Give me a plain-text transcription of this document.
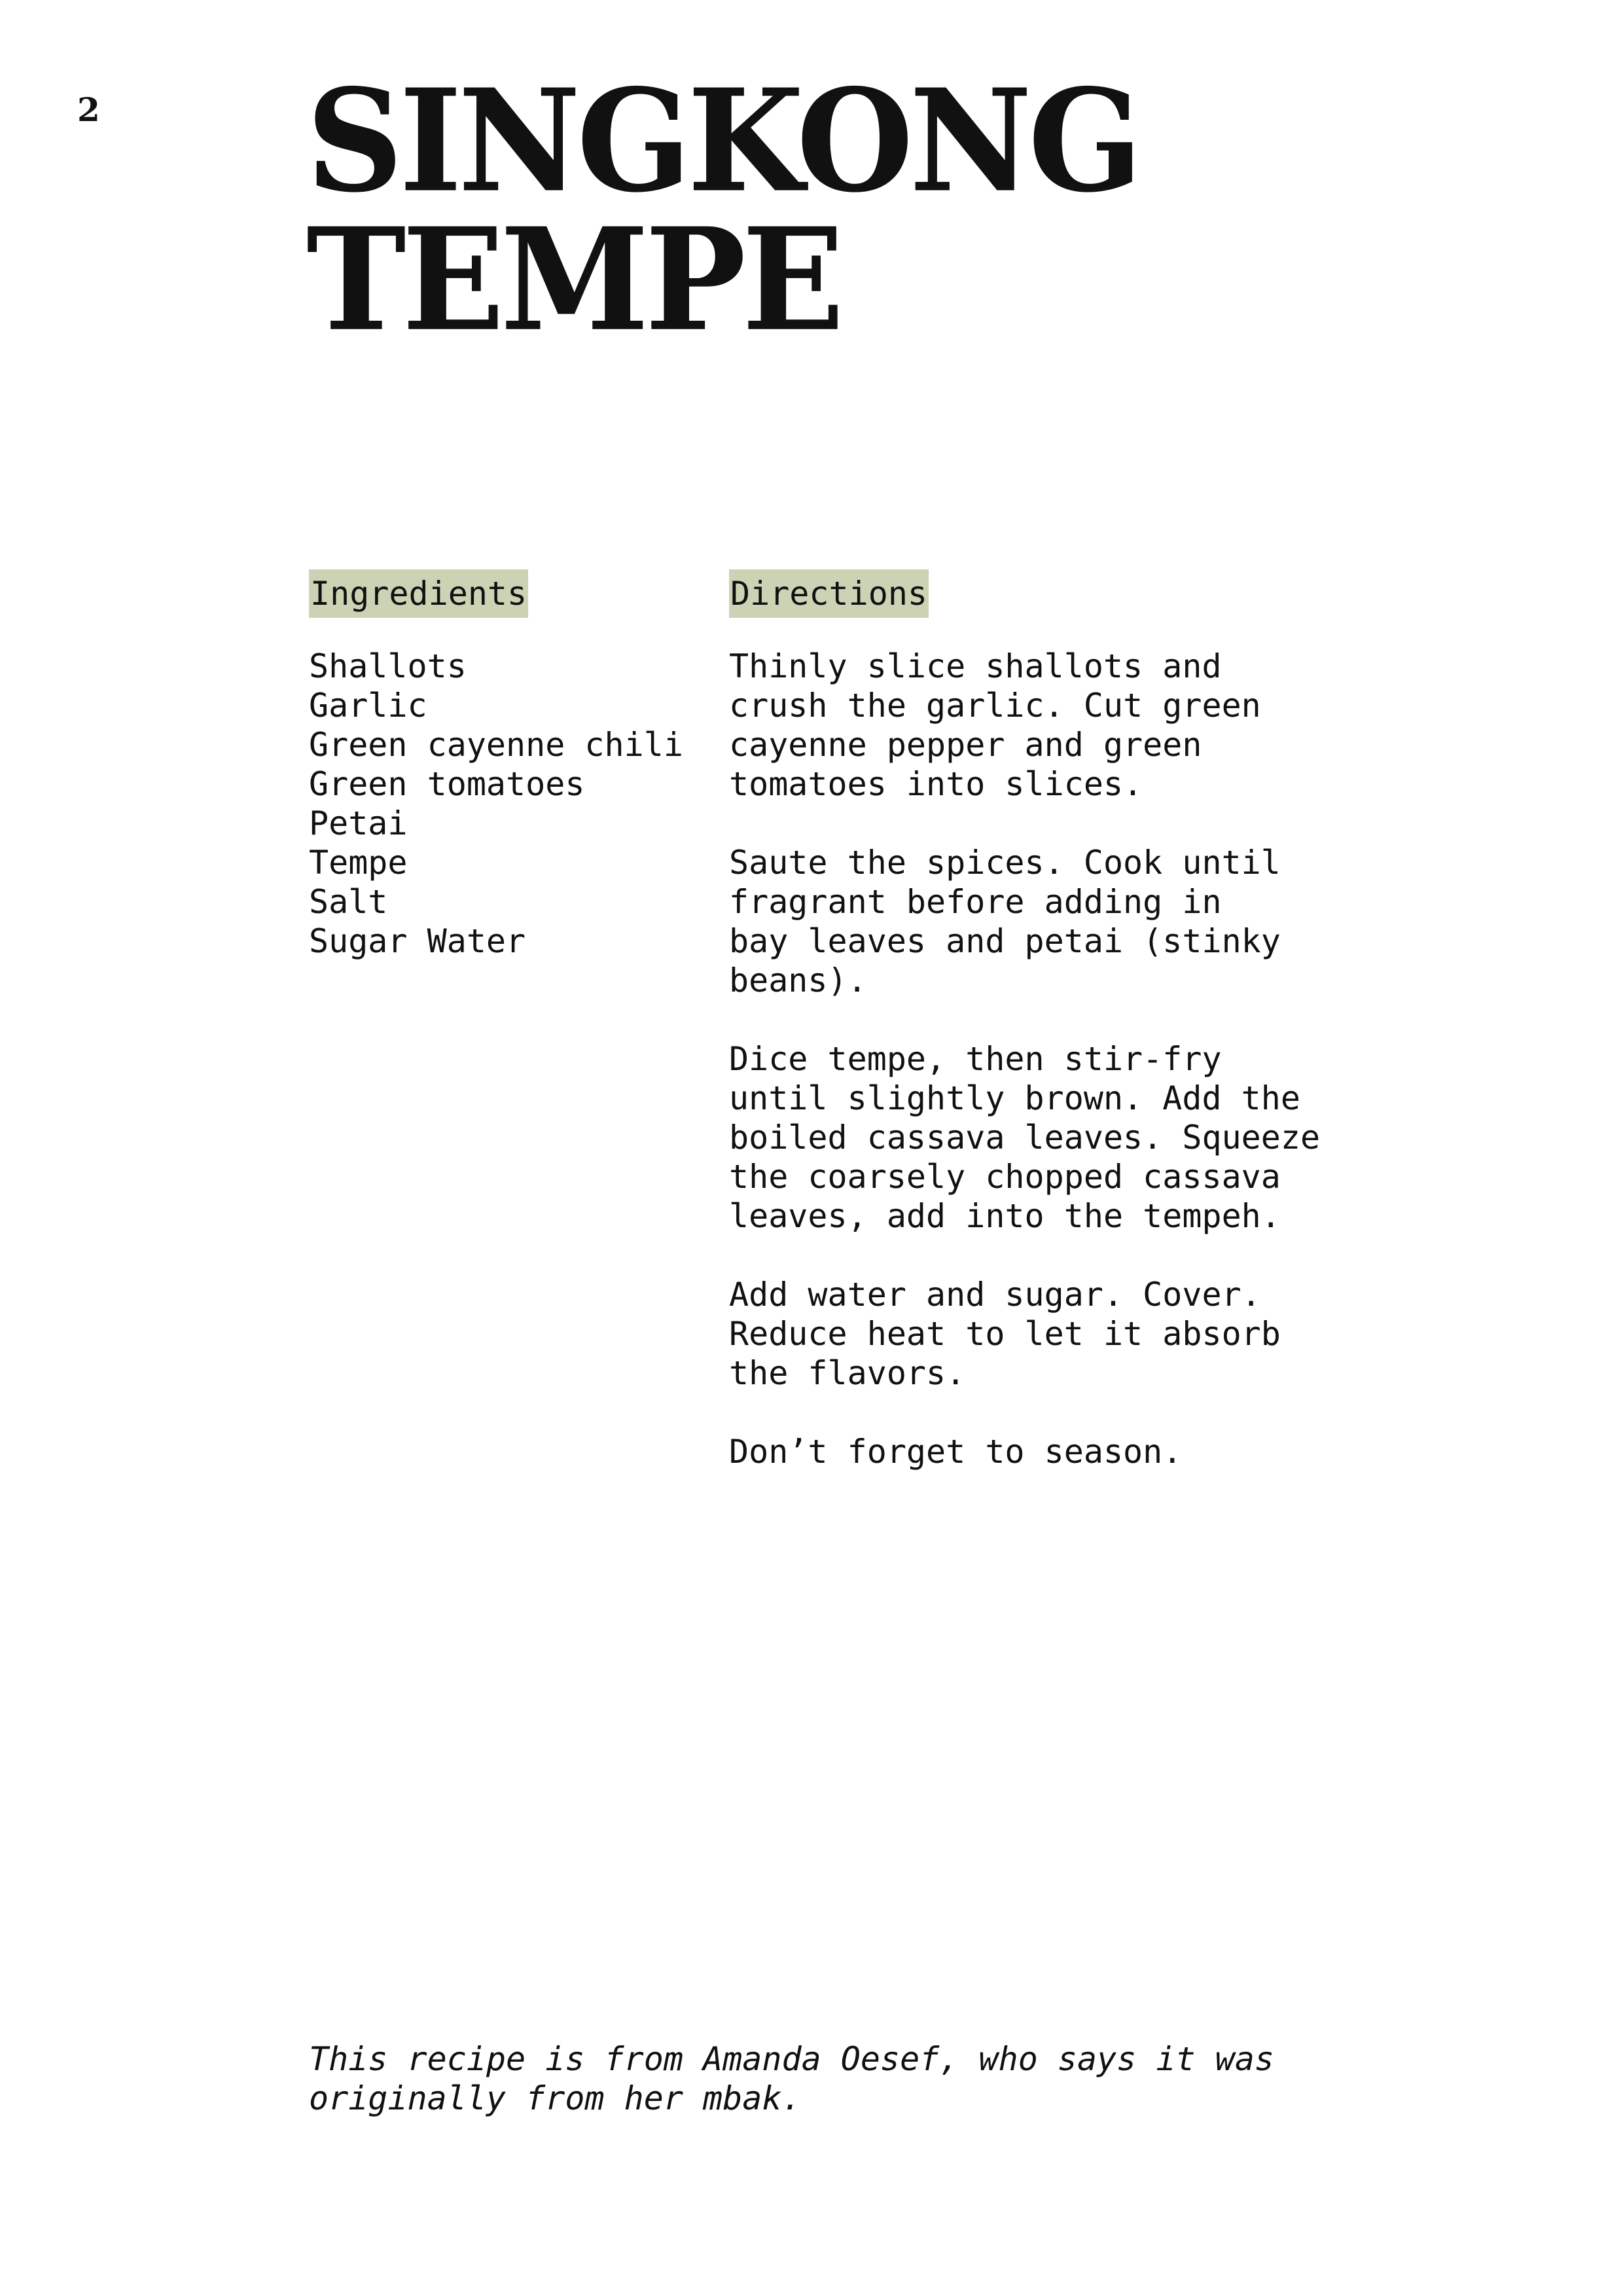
2 SINGKONG
TEMPE
Ingredients
Shallots
Garlic
Green cayenne chili
Green tomatoes
Petai
Tempe
Salt
Sugar Water
Directions

Thinly slice shallots and
crush the garlic. Cut green
cayenne pepper and green
tomatoes into slices.

Saute the spices. Cook until
fragrant before adding in
bay leaves and petai (stinky
beans).

Dice tempe, then stir-fry
until slightly brown. Add the
boiled cassava leaves. Squeeze
the coarsely chopped cassava
leaves, add into the tempeh.

Add water and sugar. Cover.
Reduce heat to let it absorb
the flavors.

Don’t forget to season.

This recipe is from Amanda Oesef, who says it was
originally from her mbak.
